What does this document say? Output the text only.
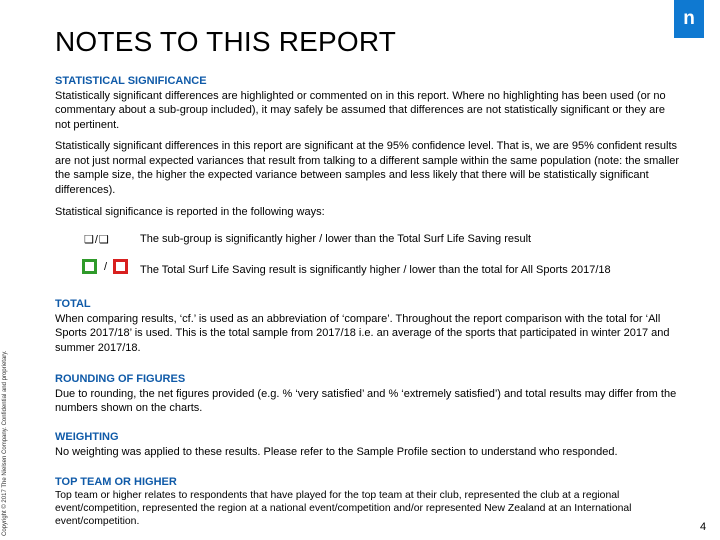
n
NOTES TO THIS REPORT
Copyright © 2017 The Nielsen Company. Confidential and proprietary.
STATISTICAL SIGNIFICANCE
Statistically significant differences are highlighted or commented on in this report. Where no highlighting has been used (or no commentary about a sub-group included), it may safely be assumed that differences are not statistically significant or they are not pertinent.
Statistically significant differences in this report are significant at the 95% confidence level. That is, we are 95% confident results are not just normal expected variances that result from talking to a different sample within the same population (note: the smaller the sample size, the higher the expected variance between samples and less likely that there will be statistically significant differences).
Statistical significance is reported in the following ways:
❑/❑	The sub-group is significantly higher / lower than the Total Surf Life Saving result
/	The Total Surf Life Saving result is significantly higher / lower than the total for All Sports 2017/18
TOTAL
When comparing results, ‘cf.’ is used as an abbreviation of ‘compare’. Throughout the report comparison with the total for ‘All Sports 2017/18’ is used. This is the total sample from 2017/18 i.e. an average of the sports that participated in winter 2017 and summer 2017/18.
ROUNDING OF FIGURES
Due to rounding, the net figures provided (e.g. % ‘very satisfied’ and % ‘extremely satisfied’) and total results may differ from the numbers shown on the charts.
WEIGHTING
No weighting was applied to these results. Please refer to the Sample Profile section to understand who responded.
TOP TEAM OR HIGHER
Top team or higher relates to respondents that have played for the top team at their club, represented the club at a regional event/competition, represented the region at a national event/competition and/or represented New Zealand at an International event/competition.	4
